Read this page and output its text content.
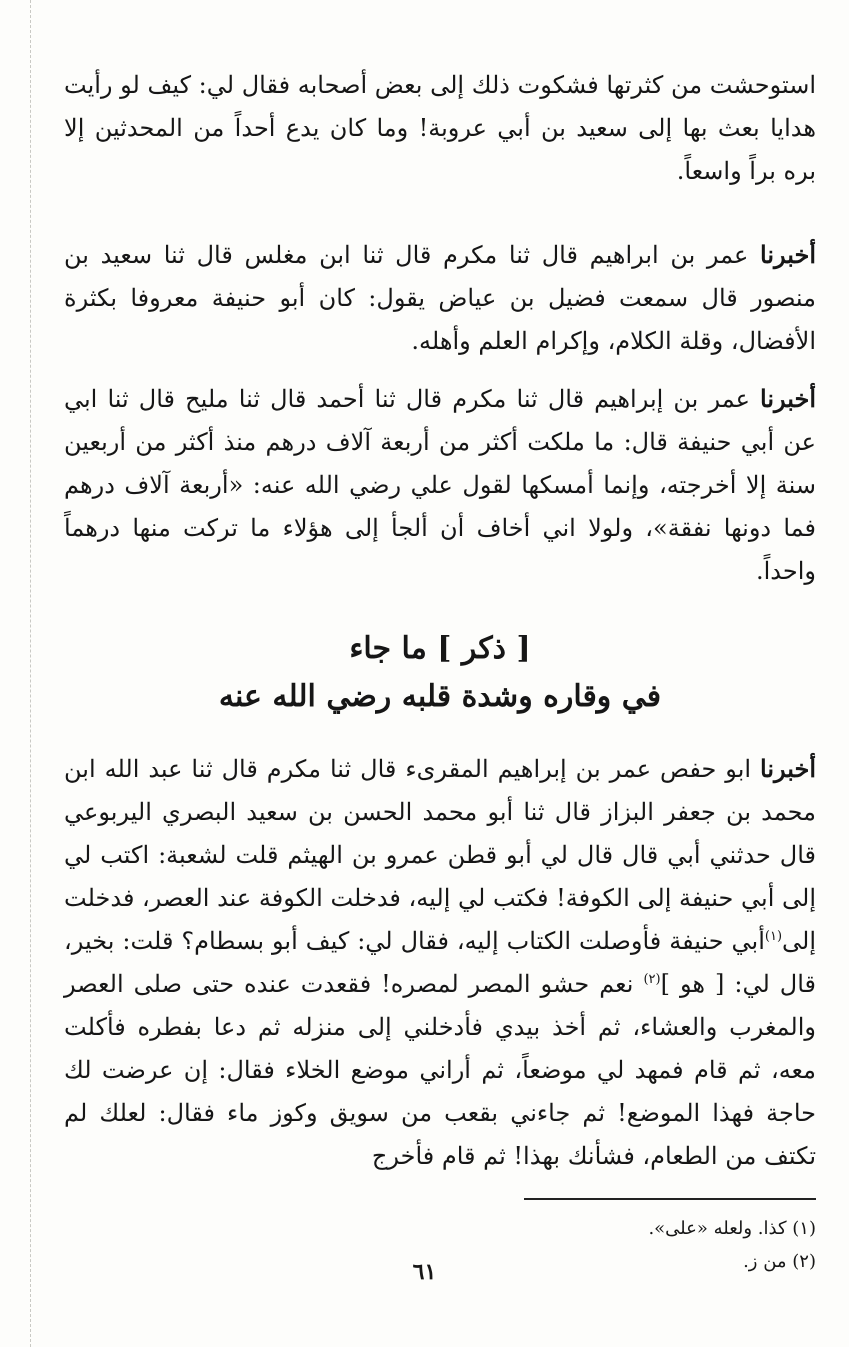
استوحشت من كثرتها فشكوت ذلك إلى بعض أصحابه فقال لي: كيف لو رأيت هدايا بعث بها إلى سعيد بن أبي عروبة! وما كان يدع أحداً من المحدثين إلا بره براً واسعاً.

أخبرنا عمر بن ابراهيم قال ثنا مكرم قال ثنا ابن مغلس قال ثنا سعيد بن منصور قال سمعت فضيل بن عياض يقول: كان أبو حنيفة معروفا بكثرة الأفضال، وقلة الكلام، وإكرام العلم وأهله.

أخبرنا عمر بن إبراهيم قال ثنا مكرم قال ثنا أحمد قال ثنا مليح قال ثنا ابي عن أبي حنيفة قال: ما ملكت أكثر من أربعة آلاف درهم منذ أكثر من أربعين سنة إلا أخرجته، وإنما أمسكها لقول علي رضي الله عنه: «أربعة آلاف درهم فما دونها نفقة»، ولولا اني أخاف أن ألجأ إلى هؤلاء ما تركت منها درهماً واحداً.

[ ذكر ] ما جاء

في وقاره وشدة قلبه رضي الله عنه

أخبرنا ابو حفص عمر بن إبراهيم المقرىء قال ثنا مكرم قال ثنا عبد الله ابن محمد بن جعفر البزاز قال ثنا أبو محمد الحسن بن سعيد البصري اليربوعي قال حدثني أبي قال قال لي أبو قطن عمرو بن الهيثم قلت لشعبة: اكتب لي إلى أبي حنيفة إلى الكوفة! فكتب لي إليه، فدخلت الكوفة عند العصر، فدخلت إلى$^{(١)}$أبي حنيفة فأوصلت الكتاب إليه، فقال لي: كيف أبو بسطام؟ قلت: بخير، قال لي: [ هو ]$^{(٢)}$ نعم حشو المصر لمصره! فقعدت عنده حتى صلى العصر والمغرب والعشاء، ثم أخذ بيدي فأدخلني إلى منزله ثم دعا بفطره فأكلت معه، ثم قام فمهد لي موضعاً، ثم أراني موضع الخلاء فقال: إن عرضت لك حاجة فهذا الموضع! ثم جاءني بقعب من سويق وكوز ماء فقال: لعلك لم تكتف من الطعام، فشأنك بهذا! ثم قام فأخرج

(١) كذا. ولعله «على».

(٢) من ز.

٦١
